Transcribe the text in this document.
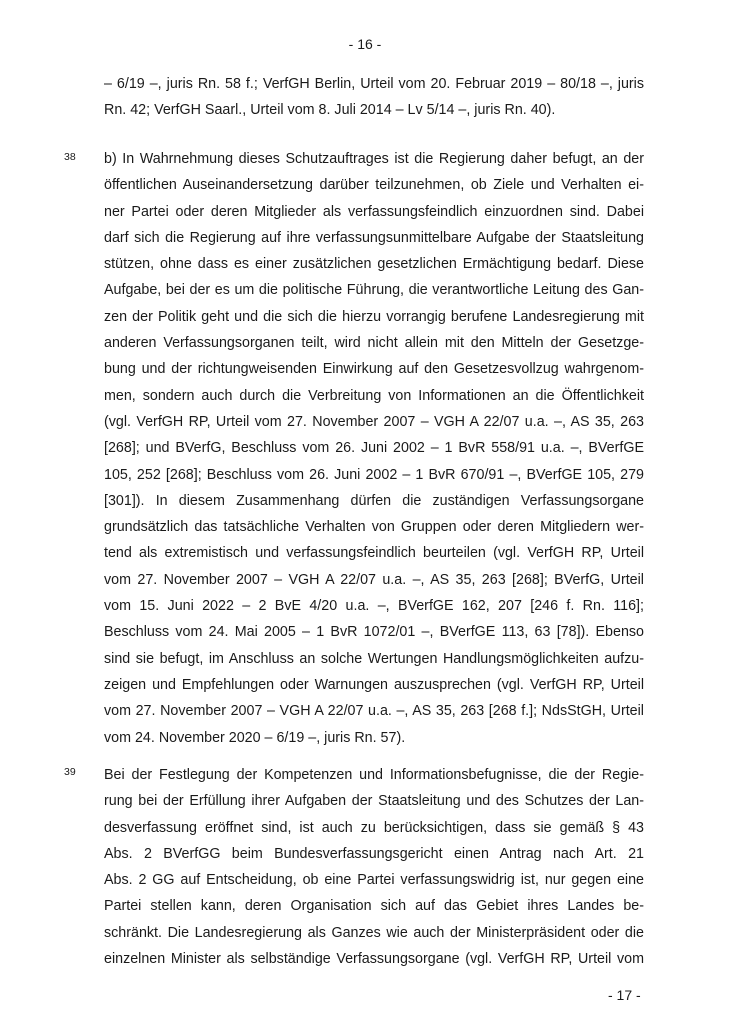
- 16 -
– 6/19 –, juris Rn. 58 f.; VerfGH Berlin, Urteil vom 20. Februar 2019 – 80/18 –, juris
Rn. 42; VerfGH Saarl., Urteil vom 8. Juli 2014 – Lv 5/14 –, juris Rn. 40).
38 b) In Wahrnehmung dieses Schutzauftrages ist die Regierung daher befugt, an der
öffentlichen Auseinandersetzung darüber teilzunehmen, ob Ziele und Verhalten ei-
ner Partei oder deren Mitglieder als verfassungsfeindlich einzuordnen sind. Dabei
darf sich die Regierung auf ihre verfassungsunmittelbare Aufgabe der Staatsleitung
stützen, ohne dass es einer zusätzlichen gesetzlichen Ermächtigung bedarf. Diese
Aufgabe, bei der es um die politische Führung, die verantwortliche Leitung des Gan-
zen der Politik geht und die sich die hierzu vorrangig berufene Landesregierung mit
anderen Verfassungsorganen teilt, wird nicht allein mit den Mitteln der Gesetzge-
bung und der richtungweisenden Einwirkung auf den Gesetzesvollzug wahrgenom-
men, sondern auch durch die Verbreitung von Informationen an die Öffentlichkeit
(vgl. VerfGH RP, Urteil vom 27. November 2007 – VGH A 22/07 u.a. –, AS 35, 263
[268]; und BVerfG, Beschluss vom 26. Juni 2002 – 1 BvR 558/91 u.a. –, BVerfGE
105, 252 [268]; Beschluss vom 26. Juni 2002 – 1 BvR 670/91 –, BVerfGE 105, 279
[301]). In diesem Zusammenhang dürfen die zuständigen Verfassungsorgane
grundsätzlich das tatsächliche Verhalten von Gruppen oder deren Mitgliedern wer-
tend als extremistisch und verfassungsfeindlich beurteilen (vgl. VerfGH RP, Urteil
vom 27. November 2007 – VGH A 22/07 u.a. –, AS 35, 263 [268]; BVerfG, Urteil
vom 15. Juni 2022 – 2 BvE 4/20 u.a. –, BVerfGE 162, 207 [246 f. Rn. 116];
Beschluss vom 24. Mai 2005 – 1 BvR 1072/01 –, BVerfGE 113, 63 [78]). Ebenso
sind sie befugt, im Anschluss an solche Wertungen Handlungsmöglichkeiten aufzu-
zeigen und Empfehlungen oder Warnungen auszusprechen (vgl. VerfGH RP, Urteil
vom 27. November 2007 – VGH A 22/07 u.a. –, AS 35, 263 [268 f.]; NdsStGH, Urteil
vom 24. November 2020 – 6/19 –, juris Rn. 57).
39 Bei der Festlegung der Kompetenzen und Informationsbefugnisse, die der Regie-
rung bei der Erfüllung ihrer Aufgaben der Staatsleitung und des Schutzes der Lan-
desverfassung eröffnet sind, ist auch zu berücksichtigen, dass sie gemäß § 43
Abs. 2 BVerfGG beim Bundesverfassungsgericht einen Antrag nach Art. 21
Abs. 2 GG auf Entscheidung, ob eine Partei verfassungswidrig ist, nur gegen eine
Partei stellen kann, deren Organisation sich auf das Gebiet ihres Landes be-
schränkt. Die Landesregierung als Ganzes wie auch der Ministerpräsident oder die
einzelnen Minister als selbständige Verfassungsorgane (vgl. VerfGH RP, Urteil vom
- 17 -
